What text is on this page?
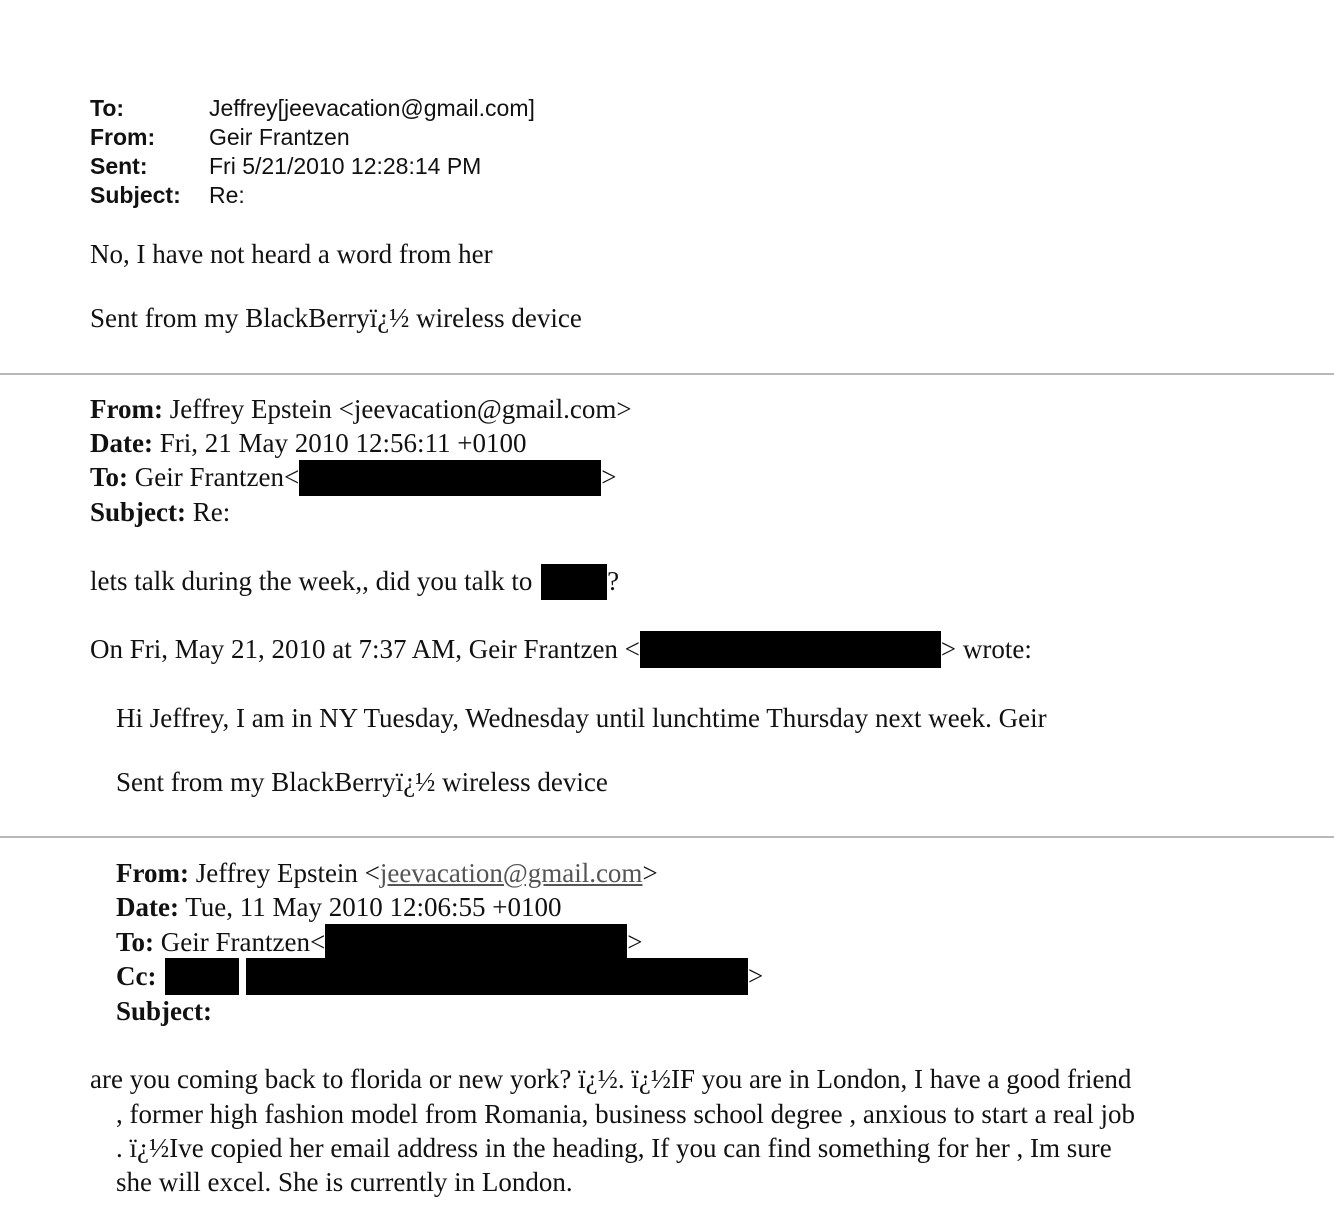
To:	Jeffrey[jeevacation@gmail.com]
From:	Geir Frantzen
Sent:	Fri 5/21/2010 12:28:14 PM
Subject:	Re:
No, I have not heard a word from her
Sent from my BlackBerryï¿½ wireless device
From: Jeffrey Epstein <jeevacation@gmail.com>
Date: Fri, 21 May 2010 12:56:11 +0100
To: Geir Frantzen<	>
Subject: Re:
lets talk during the week,, did you talk to	?
On Fri, May 21, 2010 at 7:37 AM, Geir Frantzen <	> wrote:
Hi Jeffrey, I am in NY Tuesday, Wednesday until lunchtime Thursday next week. Geir
Sent from my BlackBerryï¿½ wireless device
From: Jeffrey Epstein <jeevacation@gmail.com>
Date: Tue, 11 May 2010 12:06:55 +0100
To: Geir Frantzen<	>
Cc:	>
Subject:
are you coming back to florida or new york? ï¿½. ï¿½IF you are in London, I have a good friend
, former high fashion model from Romania, business school degree , anxious to start a real job
. ï¿½Ive copied her email address in the heading, If you can find something for her , Im sure
she will excel. She is currently in London.
